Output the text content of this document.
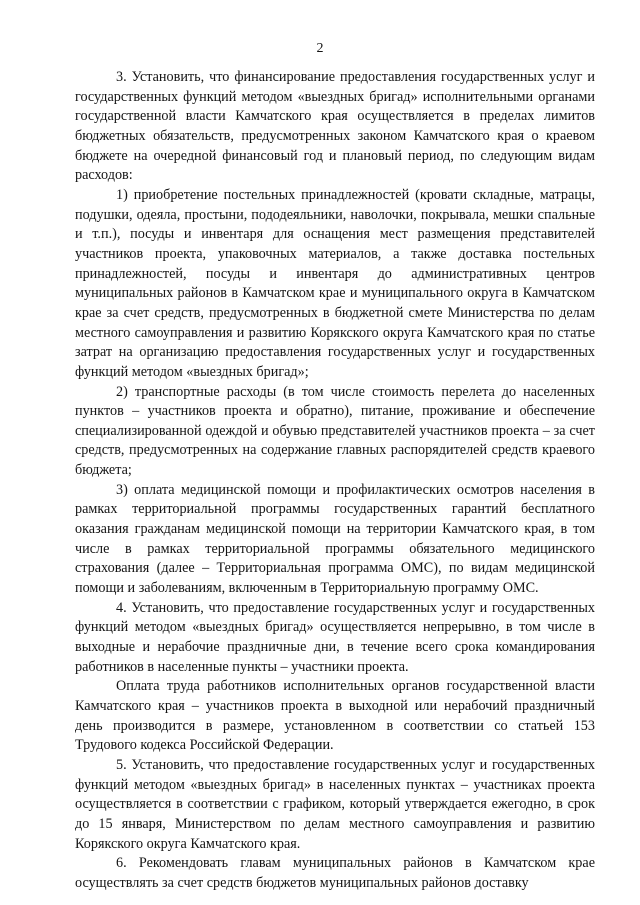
2

3. Установить, что финансирование предоставления государственных услуг и государственных функций методом «выездных бригад» исполнительными органами государственной власти Камчатского края осуществляется в пределах лимитов бюджетных обязательств, предусмотренных законом Камчатского края о краевом бюджете на очередной финансовый год и плановый период, по следующим видам расходов:

1) приобретение постельных принадлежностей (кровати складные, матрацы, подушки, одеяла, простыни, пододеяльники, наволочки, покрывала, мешки спальные и т.п.), посуды и инвентаря для оснащения мест размещения представителей участников проекта, упаковочных материалов, а также доставка постельных принадлежностей, посуды и инвентаря до административных центров муниципальных районов в Камчатском крае и муниципального округа в Камчатском крае за счет средств, предусмотренных в бюджетной смете Министерства по делам местного самоуправления и развитию Корякского округа Камчатского края по статье затрат на организацию предоставления государственных услуг и государственных функций методом «выездных бригад»;

2) транспортные расходы (в том числе стоимость перелета до населенных пунктов – участников проекта и обратно), питание, проживание и обеспечение специализированной одеждой и обувью представителей участников проекта – за счет средств, предусмотренных на содержание главных распорядителей средств краевого бюджета;

3) оплата медицинской помощи и профилактических осмотров населения в рамках территориальной программы государственных гарантий бесплатного оказания гражданам медицинской помощи на территории Камчатского края, в том числе в рамках территориальной программы обязательного медицинского страхования (далее – Территориальная программа ОМС), по видам медицинской помощи и заболеваниям, включенным в Территориальную программу ОМС.

4. Установить, что предоставление государственных услуг и государственных функций методом «выездных бригад» осуществляется непрерывно, в том числе в выходные и нерабочие праздничные дни, в течение всего срока командирования работников в населенные пункты – участники проекта.

Оплата труда работников исполнительных органов государственной власти Камчатского края – участников проекта в выходной или нерабочий праздничный день производится в размере, установленном в соответствии со статьей 153 Трудового кодекса Российской Федерации.

5. Установить, что предоставление государственных услуг и государственных функций методом «выездных бригад» в населенных пунктах – участниках проекта осуществляется в соответствии с графиком, который утверждается ежегодно, в срок до 15 января, Министерством по делам местного самоуправления и развитию Корякского округа Камчатского края.

6. Рекомендовать главам муниципальных районов в Камчатском крае осуществлять за счет средств бюджетов муниципальных районов доставку
